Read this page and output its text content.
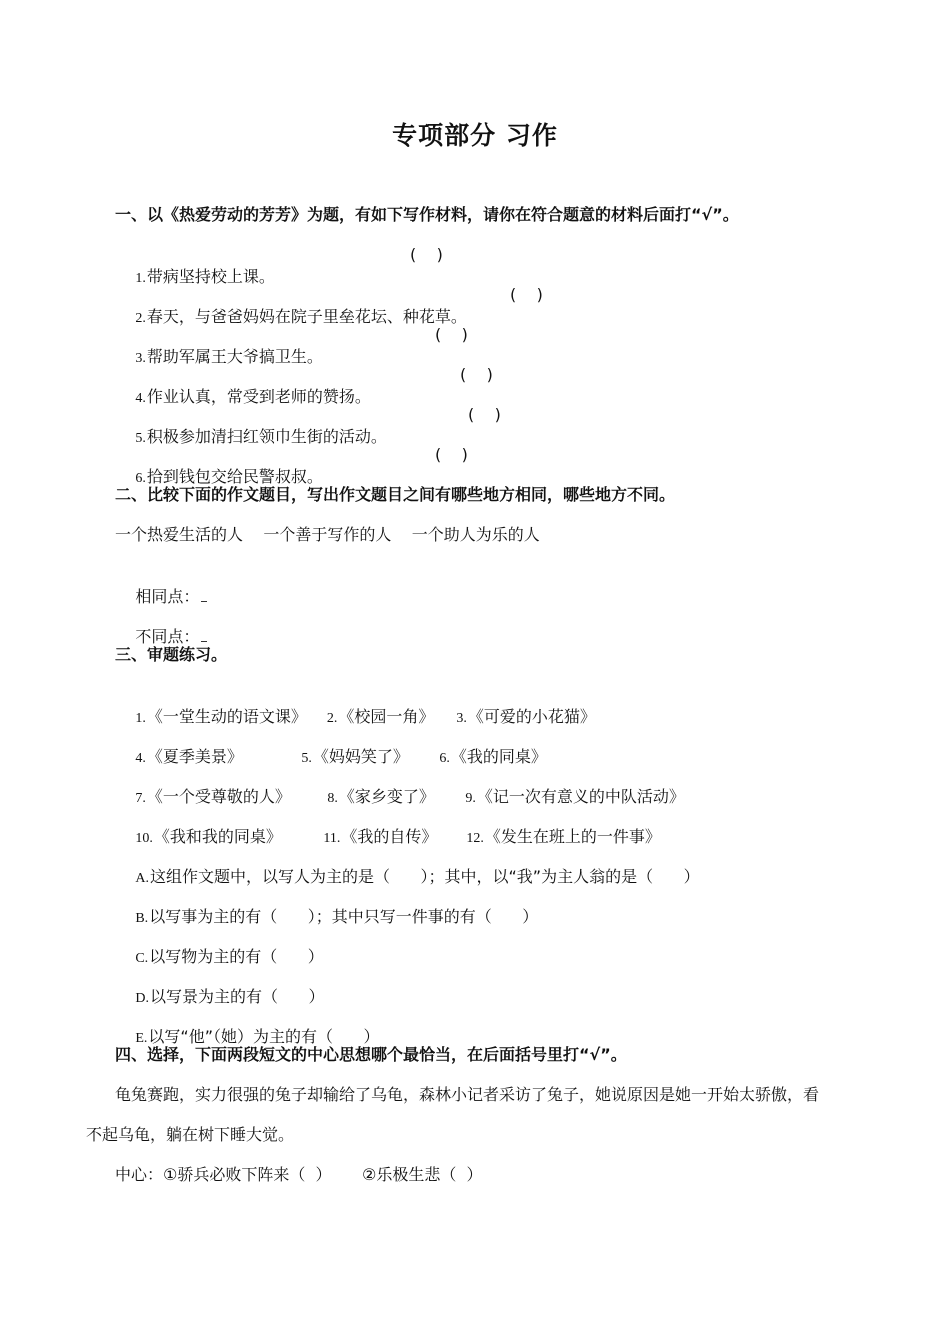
专项部分 习作
一、以《热爱劳动的芳芳》为题，有如下写作材料，请你在符合题意的材料后面打“√”。

1.带病坚持校上课。

(    )

2.春天，与爸爸妈妈在院子里垒花坛、种花草。

(    )

3.帮助军属王大爷搞卫生。

(    )

4.作业认真，常受到老师的赞扬。

(    )

5.积极参加清扫红领巾生街的活动。

(    )

6.拾到钱包交给民警叔叔。

(    )
二、比较下面的作文题目，写出作文题目之间有哪些地方相同，哪些地方不同。
一个热爱生活的人    一个善于写作的人    一个助人为乐的人

相同点：

不同点：

三、审题练习。

1.《一堂生动的语文课》 2.《校园一角》 3.《可爱的小花猫》

4.《夏季美景》	5.《妈妈笑了》 6.《我的同桌》

7.《一个受尊敬的人》	8.《家乡变了》 9.《记一次有意义的中队活动》

10.《我和我的同桌》	11.《我的自传》 12.《发生在班上的一件事》

A.这组作文题中，以写人为主的是（      ）；其中，以“我”为主人翁的是（      ）

B.以写事为主的有（      ）；其中只写一件事的有（      ）

C.以写物为主的有（      ）

D.以写景为主的有（      ）

E.以写“他”（她）为主的有（      ）

四、选择，下面两段短文的中心思想哪个最恰当，在后面括号里打“√”。
龟兔赛跑，实力很强的兔子却输给了乌龟，森林小记者采访了兔子，她说原因是她一开始太骄傲，看
不起乌龟，躺在树下睡大觉。
中心：①骄兵必败下阵来（  ）      ②乐极生悲（  ）
